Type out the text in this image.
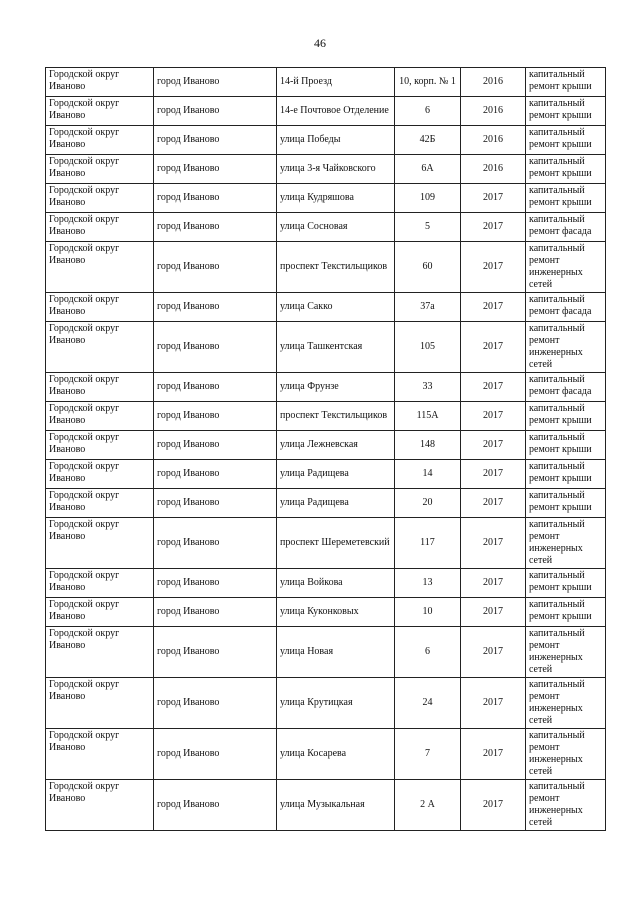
46
Городской округ Иваново	город Иваново	14-й Проезд	10, корп. № 1	2016	капитальный ремонт крыши

Городской округ Иваново	город Иваново	14-е Почтовое Отделение	6	2016	капитальный ремонт крыши

Городской округ Иваново	город Иваново	улица Победы	42Б	2016	капитальный ремонт крыши

Городской округ Иваново	город Иваново	улица 3-я Чайковского	6А	2016	капитальный ремонт крыши

Городской округ Иваново	город Иваново	улица Кудряшова	109	2017	капитальный ремонт крыши

Городской округ Иваново	город Иваново	улица Сосновая	5	2017	капитальный ремонт фасада

Городской округ Иваново	город Иваново	проспект Текстильщиков	60	2017	капитальный ремонт инженерных сетей

Городской округ Иваново	город Иваново	улица Сакко	37а	2017	капитальный ремонт фасада

Городской округ Иваново	город Иваново	улица Ташкентская	105	2017	капитальный ремонт инженерных сетей

Городской округ Иваново	город Иваново	улица Фрунзе	33	2017	капитальный ремонт фасада

Городской округ Иваново	город Иваново	проспект Текстильщиков	115А	2017	капитальный ремонт крыши

Городской округ Иваново	город Иваново	улица Лежневская	148	2017	капитальный ремонт крыши

Городской округ Иваново	город Иваново	улица Радищева	14	2017	капитальный ремонт крыши

Городской округ Иваново	город Иваново	улица Радищева	20	2017	капитальный ремонт крыши

Городской округ Иваново	город Иваново	проспект Шереметевский	117	2017	капитальный ремонт инженерных сетей

Городской округ Иваново	город Иваново	улица Войкова	13	2017	капитальный ремонт крыши

Городской округ Иваново	город Иваново	улица Куконковых	10	2017	капитальный ремонт крыши

Городской округ Иваново	город Иваново	улица Новая	6	2017	капитальный ремонт инженерных сетей

Городской округ Иваново	город Иваново	улица Крутицкая	24	2017	капитальный ремонт инженерных сетей

Городской округ Иваново	город Иваново	улица Косарева	7	2017	капитальный ремонт инженерных сетей

Городской округ Иваново	город Иваново	улица Музыкальная	2 А	2017	капитальный ремонт инженерных сетей
